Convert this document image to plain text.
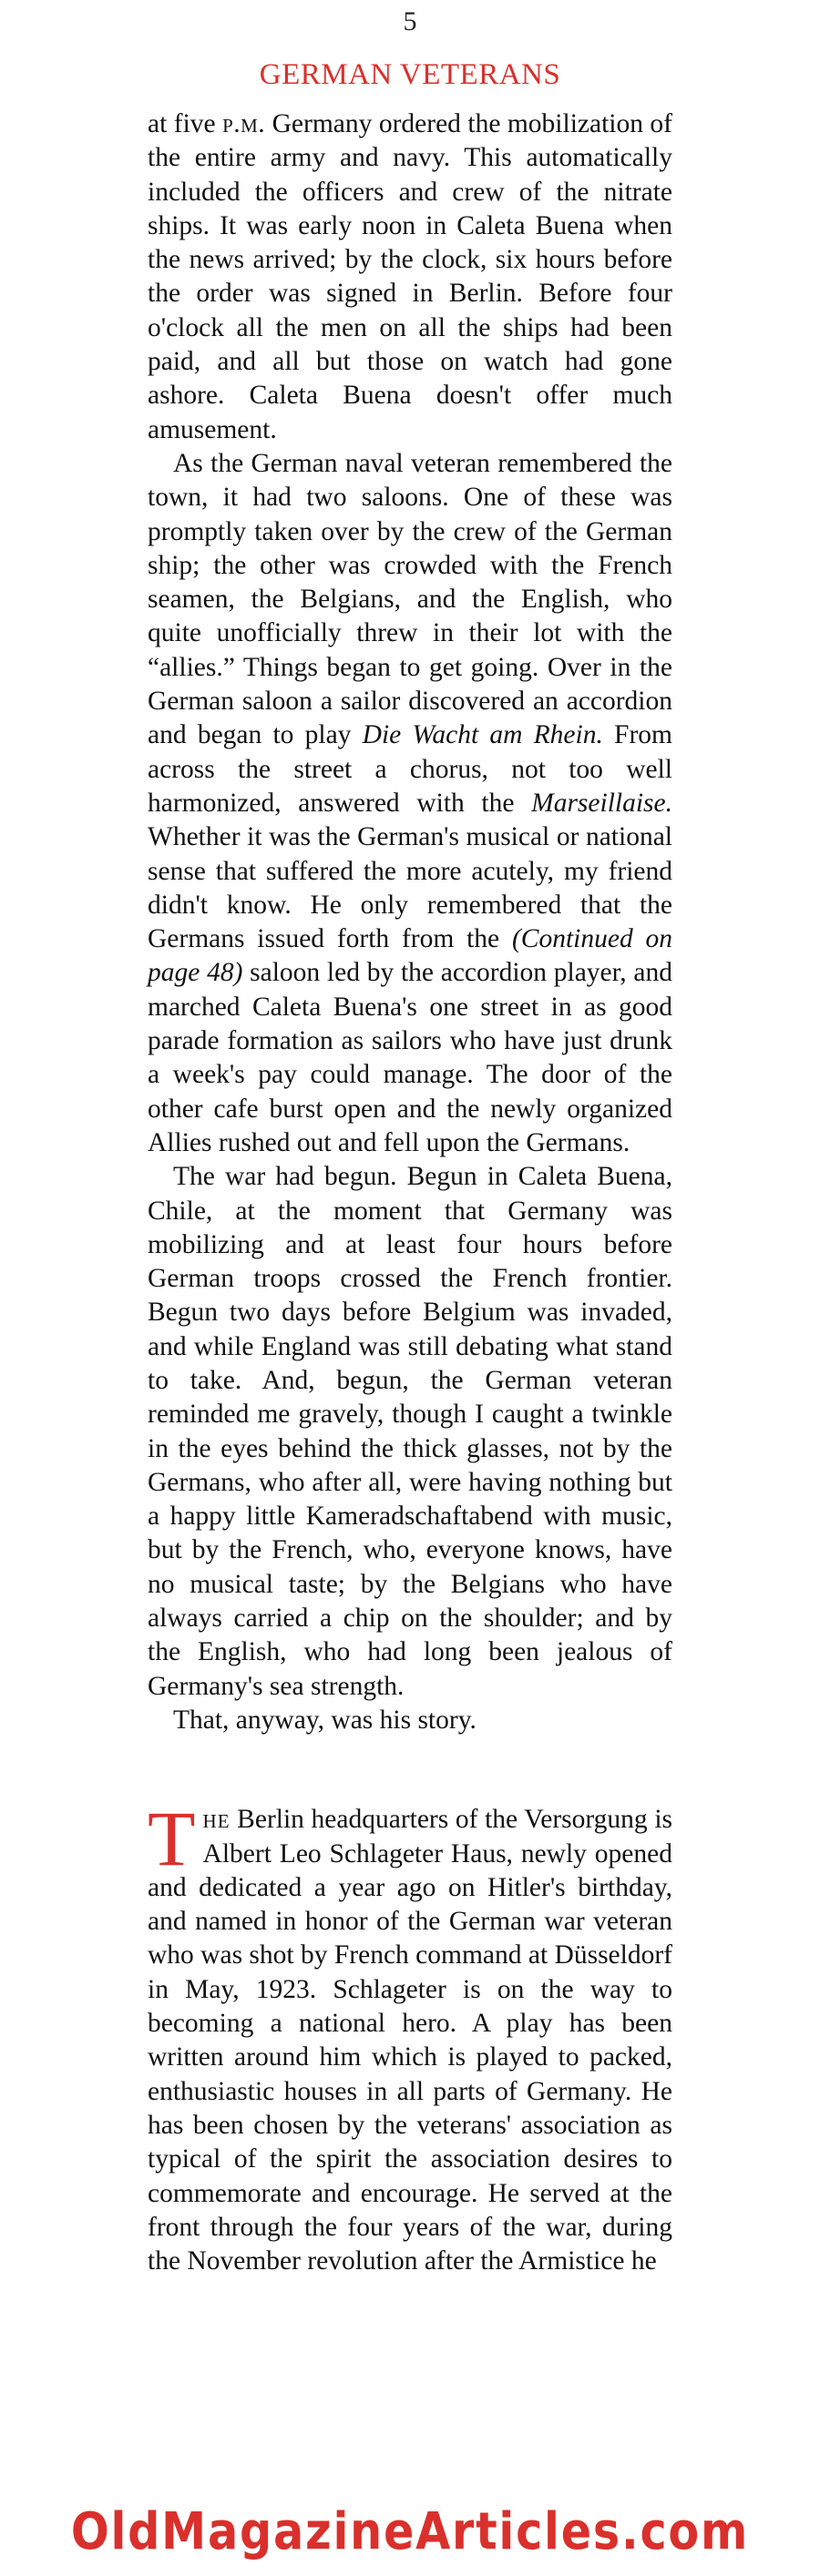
5
GERMAN VETERANS

at five p.m. Germany ordered the mobilization of the entire army and navy. This automatically included the officers and crew of the nitrate ships. It was early noon in Caleta Buena when the news arrived; by the clock, six hours before the order was signed in Berlin. Before four o'clock all the men on all the ships had been paid, and all but those on watch had gone ashore. Caleta Buena doesn't offer much amusement.

As the German naval veteran remembered the town, it had two saloons. One of these was promptly taken over by the crew of the German ship; the other was crowded with the French seamen, the Belgians, and the English, who quite unofficially threw in their lot with the “allies.” Things began to get going. Over in the German saloon a sailor discovered an accordion and began to play Die Wacht am Rhein. From across the street a chorus, not too well harmonized, answered with the Marseillaise. Whether it was the German's musical or national sense that suffered the more acutely, my friend didn't know. He only remembered that the Germans issued forth from the (Continued on page 48) saloon led by the accordion player, and marched Caleta Buena's one street in as good parade formation as sailors who have just drunk a week's pay could manage. The door of the other cafe burst open and the newly organized Allies rushed out and fell upon the Germans.

The war had begun. Begun in Caleta Buena, Chile, at the moment that Germany was mobilizing and at least four hours before German troops crossed the French frontier. Begun two days before Belgium was invaded, and while England was still debating what stand to take. And, begun, the German veteran reminded me gravely, though I caught a twinkle in the eyes behind the thick glasses, not by the Germans, who after all, were having nothing but a happy little Kameradschaftabend with music, but by the French, who, everyone knows, have no musical taste; by the Belgians who have always carried a chip on the shoulder; and by the English, who had long been jealous of Germany's sea strength.

That, anyway, was his story.

The Berlin headquarters of the Versorgung is Albert Leo Schlageter Haus, newly opened and dedicated a year ago on Hitler's birthday, and named in honor of the German war veteran who was shot by French command at Düsseldorf in May, 1923. Schlageter is on the way to becoming a national hero. A play has been written around him which is played to packed, enthusiastic houses in all parts of Germany. He has been chosen by the veterans' association as typical of the spirit the association desires to commemorate and encourage. He served at the front through the four years of the war, during the November revolution after the Armistice he

OldMagazineArticles.com
